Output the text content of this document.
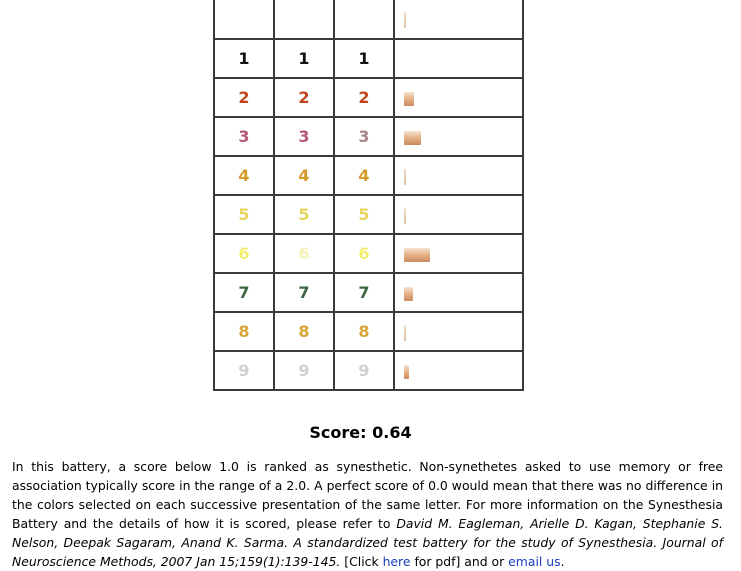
1	1	1	
2	2	2	
3	3	3	
4	4	4	
5	5	5	
6	6	6	
7	7	7	
8	8	8	
9	9	9	
Score: 0.64

In this battery, a score below 1.0 is ranked as synesthetic. Non-synethetes asked to use memory or free association typically score in the range of a 2.0. A perfect score of 0.0 would mean that there was no difference in the colors selected on each successive presentation of the same letter. For more information on the Synesthesia Battery and the details of how it is scored, please refer to David M. Eagleman, Arielle D. Kagan, Stephanie S. Nelson, Deepak Sagaram, Anand K. Sarma. A standardized test battery for the study of Synesthesia. Journal of Neuroscience Methods, 2007 Jan 15;159(1):139-145. [Click here for pdf] and or email us.
